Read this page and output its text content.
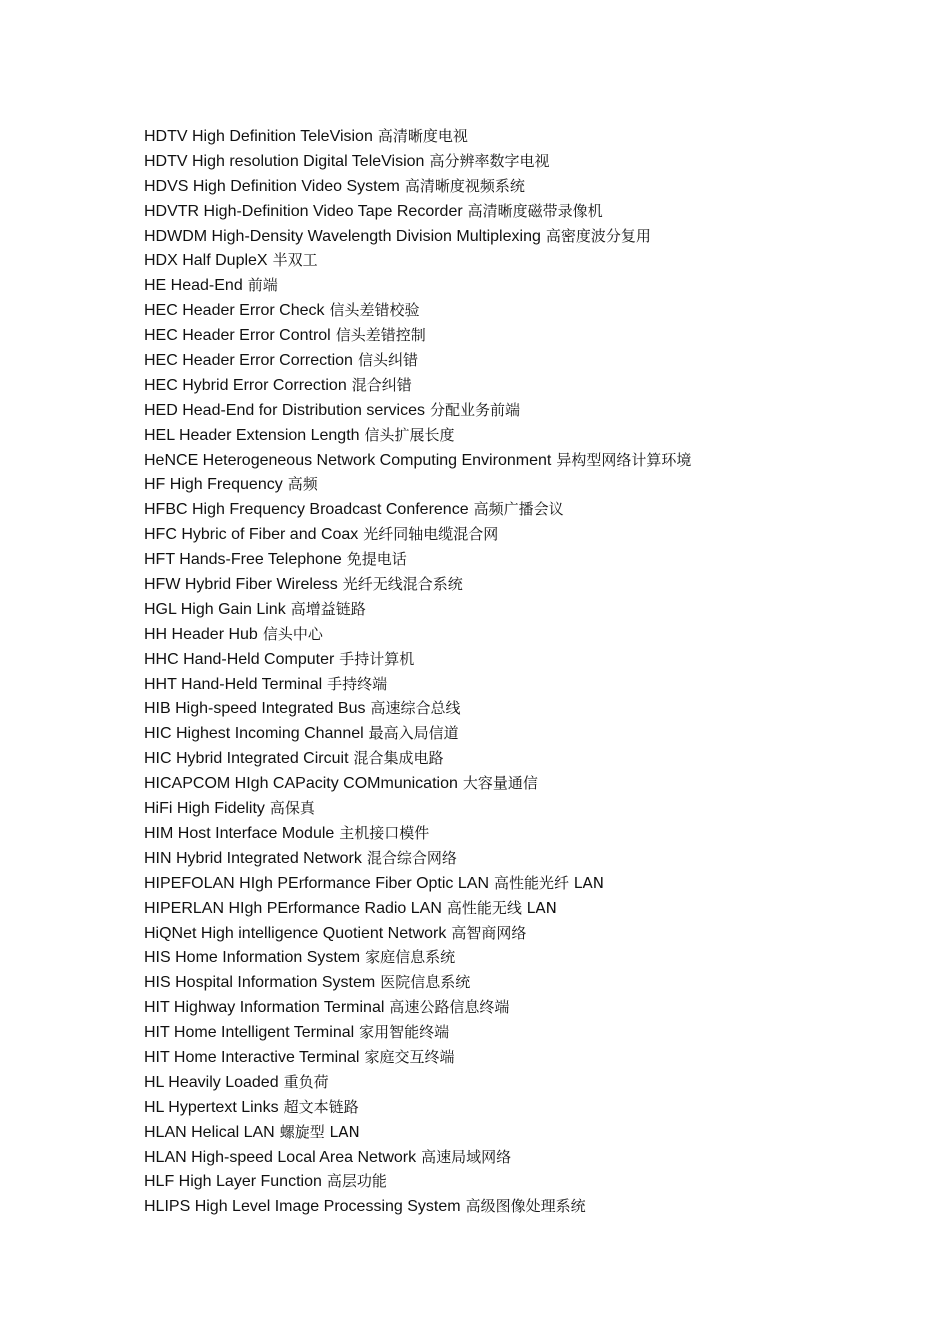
HDTV High Definition TeleVision 高清晰度电视
HDTV High resolution Digital TeleVision 高分辨率数字电视
HDVS High Definition Video System 高清晰度视频系统
HDVTR High-Definition Video Tape Recorder 高清晰度磁带录像机
HDWDM High-Density Wavelength Division Multiplexing 高密度波分复用
HDX Half DupleX 半双工
HE Head-End 前端
HEC Header Error Check 信头差错校验
HEC Header Error Control 信头差错控制
HEC Header Error Correction 信头纠错
HEC Hybrid Error Correction 混合纠错
HED Head-End for Distribution services 分配业务前端
HEL Header Extension Length 信头扩展长度
HeNCE Heterogeneous Network Computing Environment 异构型网络计算环境
HF High Frequency 高频
HFBC High Frequency Broadcast Conference 高频广播会议
HFC Hybric of Fiber and Coax 光纤同轴电缆混合网
HFT Hands-Free Telephone 免提电话
HFW Hybrid Fiber Wireless 光纤无线混合系统
HGL High Gain Link 高增益链路
HH Header Hub 信头中心
HHC Hand-Held Computer 手持计算机
HHT Hand-Held Terminal 手持终端
HIB High-speed Integrated Bus 高速综合总线
HIC Highest Incoming Channel 最高入局信道
HIC Hybrid Integrated Circuit 混合集成电路
HICAPCOM HIgh CAPacity COMmunication 大容量通信
HiFi High Fidelity 高保真
HIM Host Interface Module 主机接口模件
HIN Hybrid Integrated Network 混合综合网络
HIPEFOLAN HIgh PErformance Fiber Optic LAN 高性能光纤 LAN
HIPERLAN HIgh PErformance Radio LAN 高性能无线 LAN
HiQNet High intelligence Quotient Network 高智商网络
HIS Home Information System 家庭信息系统
HIS Hospital Information System 医院信息系统
HIT Highway Information Terminal 高速公路信息终端
HIT Home Intelligent Terminal 家用智能终端
HIT Home Interactive Terminal 家庭交互终端
HL Heavily Loaded 重负荷
HL Hypertext Links 超文本链路
HLAN Helical LAN 螺旋型 LAN
HLAN High-speed Local Area Network 高速局域网络
HLF High Layer Function 高层功能
HLIPS High Level Image Processing System 高级图像处理系统
